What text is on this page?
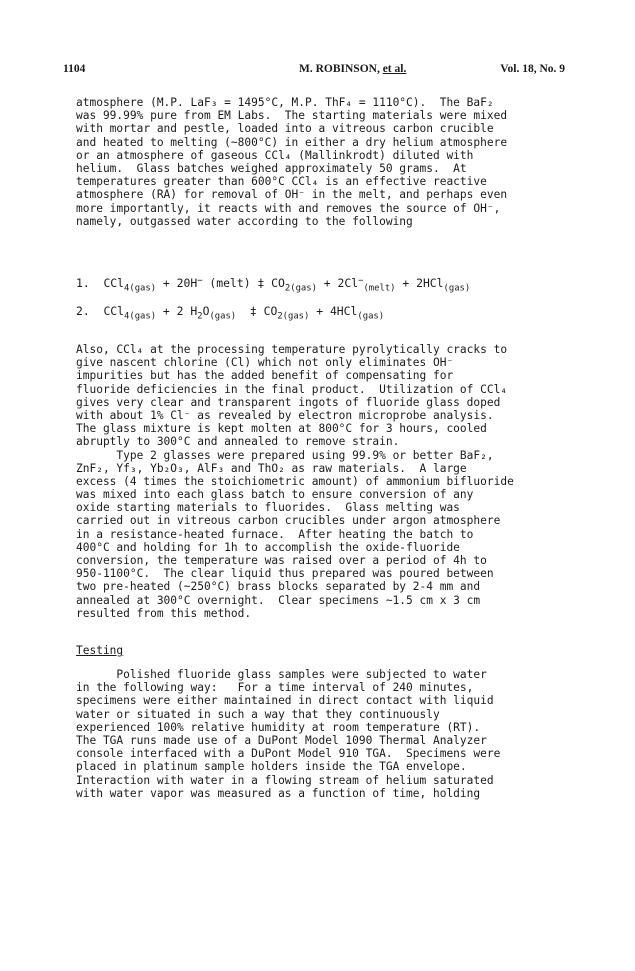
1104	M. ROBINSON, et al.	Vol. 18, No. 9
atmosphere (M.P. LaF₃ = 1495°C, M.P. ThF₄ = 1110°C).  The BaF₂
was 99.99% pure from EM Labs.  The starting materials were mixed
with mortar and pestle, loaded into a vitreous carbon crucible
and heated to melting (~800°C) in either a dry helium atmosphere
or an atmosphere of gaseous CCl₄ (Mallinkrodt) diluted with
helium.  Glass batches weighed approximately 50 grams.  At
temperatures greater than 600°C CCl₄ is an effective reactive
atmosphere (RA) for removal of OH⁻ in the melt, and perhaps even
more importantly, it reacts with and removes the source of OH⁻,
namely, outgassed water according to the following
1. CCl$_{4(gas)}$ + 20H− (melt) ‡ $CO_{2(gas)} + 2Cl^-_{(melt)} + 2HCl_{(gas)}$
2. CCl$_{4(gas)}$ + 2 $H_2O_{(gas)}$  ‡ $CO_{2(gas)} + 4HCl_{(gas)}$
Also, CCl₄ at the processing temperature pyrolytically cracks to
give nascent chlorine (Cl) which not only eliminates OH⁻
impurities but has the added benefit of compensating for
fluoride deficiencies in the final product.  Utilization of CCl₄
gives very clear and transparent ingots of fluoride glass doped
with about 1% Cl⁻ as revealed by electron microprobe analysis.
The glass mixture is kept molten at 800°C for 3 hours, cooled
abruptly to 300°C and annealed to remove strain.
Type 2 glasses were prepared using 99.9% or better BaF₂,
ZnF₂, Yf₃, Yb₂O₃, AlF₃ and ThO₂ as raw materials.  A large
excess (4 times the stoichiometric amount) of ammonium bifluoride
was mixed into each glass batch to ensure conversion of any
oxide starting materials to fluorides.  Glass melting was
carried out in vitreous carbon crucibles under argon atmosphere
in a resistance-heated furnace.  After heating the batch to
400°C and holding for 1h to accomplish the oxide-fluoride
conversion, the temperature was raised over a period of 4h to
950-1100°C.  The clear liquid thus prepared was poured between
two pre-heated (~250°C) brass blocks separated by 2-4 mm and
annealed at 300°C overnight.  Clear specimens ~1.5 cm x 3 cm
resulted from this method.
Testing
Polished fluoride glass samples were subjected to water
in the following way:   For a time interval of 240 minutes,
specimens were either maintained in direct contact with liquid
water or situated in such a way that they continuously
experienced 100% relative humidity at room temperature (RT).
The TGA runs made use of a DuPont Model 1090 Thermal Analyzer
console interfaced with a DuPont Model 910 TGA.  Specimens were
placed in platinum sample holders inside the TGA envelope.
Interaction with water in a flowing stream of helium saturated
with water vapor was measured as a function of time, holding
